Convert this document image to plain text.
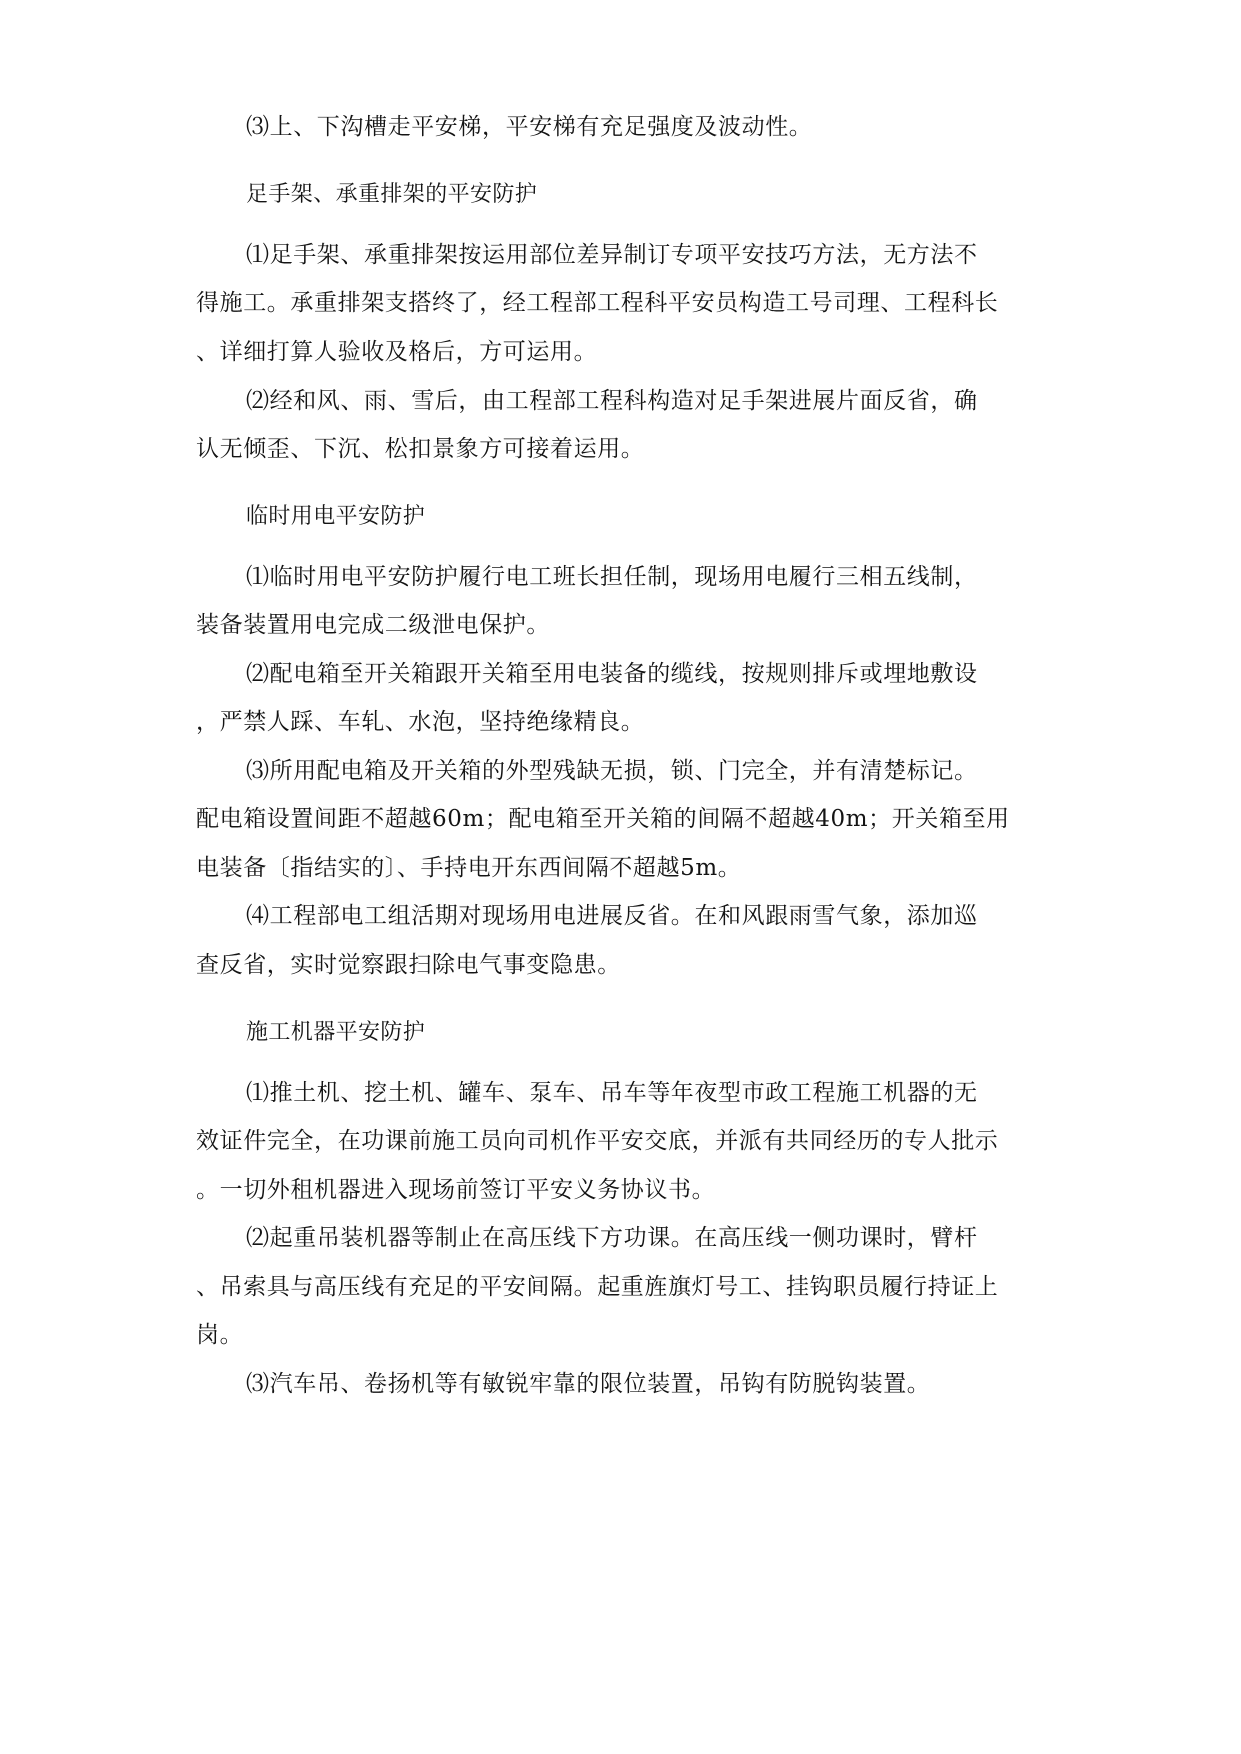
⑶上、下沟槽走平安梯，平安梯有充足强度及波动性。
足手架、承重排架的平安防护
⑴足手架、承重排架按运用部位差异制订专项平安技巧方法，无方法不
得施工。承重排架支搭终了，经工程部工程科平安员构造工号司理、工程科长
、详细打算人验收及格后，方可运用。
⑵经和风、雨、雪后，由工程部工程科构造对足手架进展片面反省，确
认无倾歪、下沉、松扣景象方可接着运用。
临时用电平安防护
⑴临时用电平安防护履行电工班长担任制，现场用电履行三相五线制，
装备装置用电完成二级泄电保护。
⑵配电箱至开关箱跟开关箱至用电装备的缆线，按规则排斥或埋地敷设
，严禁人踩、车轧、水泡，坚持绝缘精良。
⑶所用配电箱及开关箱的外型残缺无损，锁、门完全，并有清楚标记。
配电箱设置间距不超越60m；配电箱至开关箱的间隔不超越40m；开关箱至用
电装备〔指结实的〕、手持电开东西间隔不超越5m。
⑷工程部电工组活期对现场用电进展反省。在和风跟雨雪气象，添加巡
查反省，实时觉察跟扫除电气事变隐患。
施工机器平安防护
⑴推土机、挖土机、罐车、泵车、吊车等年夜型市政工程施工机器的无
效证件完全，在功课前施工员向司机作平安交底，并派有共同经历的专人批示
。一切外租机器进入现场前签订平安义务协议书。
⑵起重吊装机器等制止在高压线下方功课。在高压线一侧功课时，臂杆
、吊索具与高压线有充足的平安间隔。起重旌旗灯号工、挂钩职员履行持证上
岗。
⑶汽车吊、卷扬机等有敏锐牢靠的限位装置，吊钩有防脱钩装置。
